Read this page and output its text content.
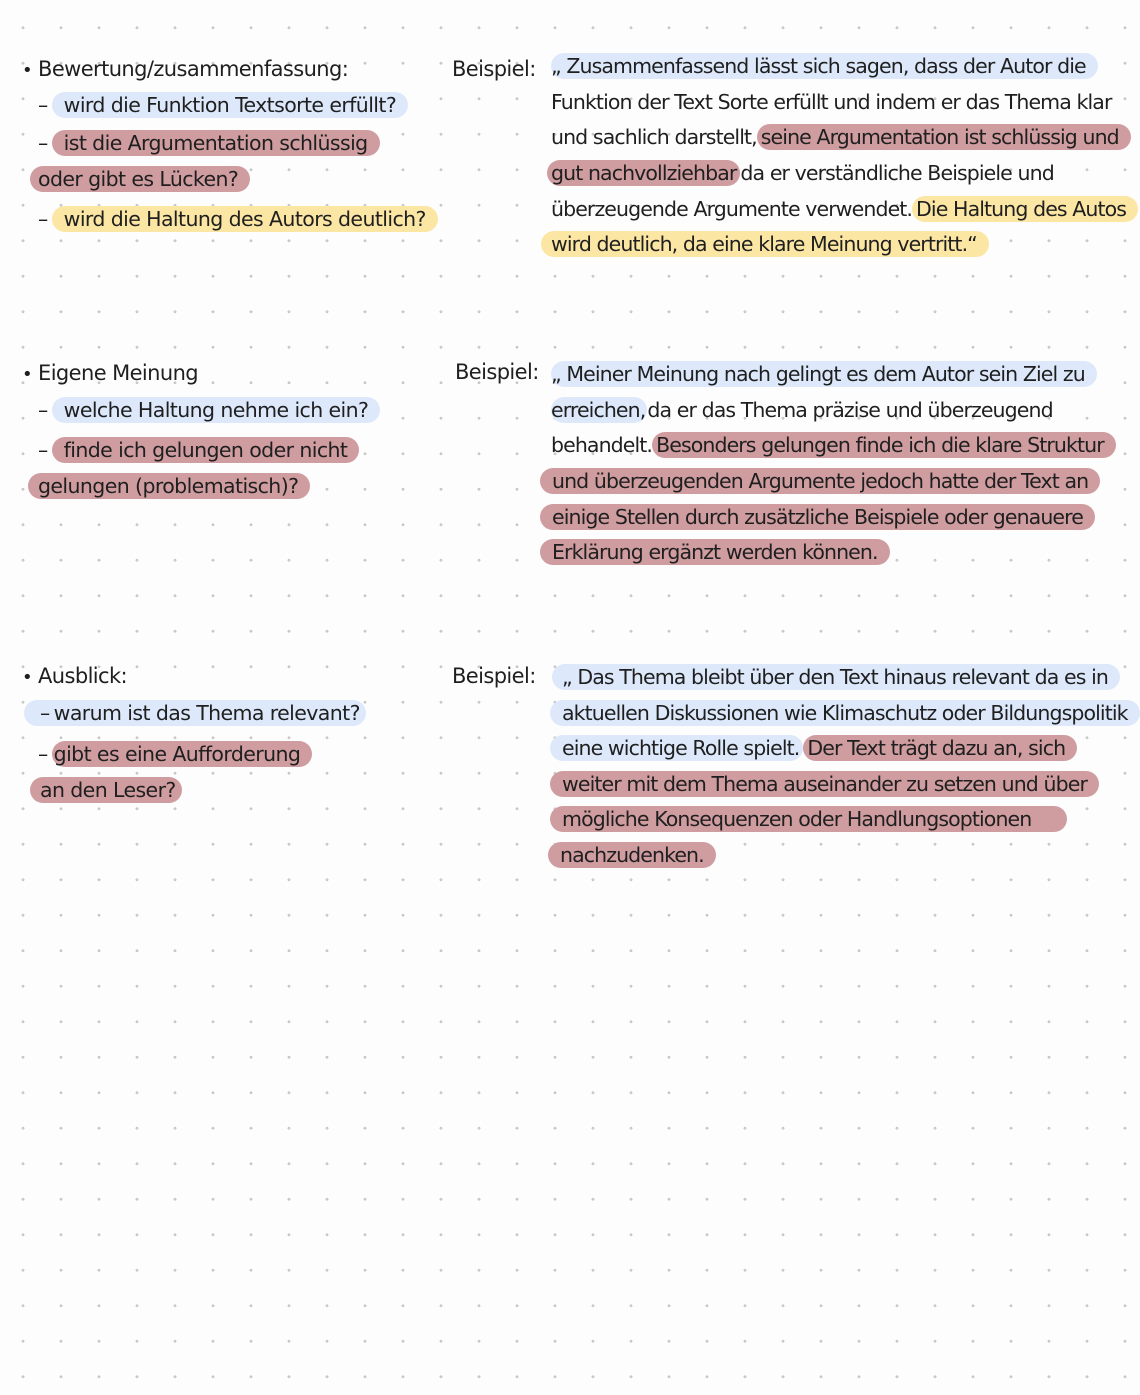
• Bewertung/zusammenfassung:
– wird die Funktion Textsorte erfüllt?
– ist die Argumentation schlüssig
oder gibt es Lücken?
– wird die Haltung des Autors deutlich?
Beispiel: „ Zusammenfassend lässt sich sagen, dass der Autor die
Funktion der Text Sorte erfüllt und indem er das Thema klar
und sachlich darstellt, seine Argumentation ist schlüssig und
gut nachvollziehbar da er verständliche Beispiele und
überzeugende Argumente verwendet. Die Haltung des Autos
wird deutlich, da eine klare Meinung vertritt.“
• Eigene Meinung
– welche Haltung nehme ich ein?
– finde ich gelungen oder nicht
gelungen (problematisch)?
Beispiel: „ Meiner Meinung nach gelingt es dem Autor sein Ziel zu
erreichen,da er das Thema präzise und überzeugend
behandelt. Besonders gelungen finde ich die klare Struktur
und überzeugenden Argumente jedoch hatte der Text an
einige Stellen durch zusätzliche Beispiele oder genauere
Erklärung ergänzt werden können.
• Ausblick:
– warum ist das Thema relevant?
– gibt es eine Aufforderung
an den Leser?
Beispiel:	„ Das Thema bleibt über den Text hinaus relevant da es in
aktuellen Diskussionen wie Klimaschutz oder Bildungspolitik
eine wichtige Rolle spielt. Der Text trägt dazu an, sich
weiter mit dem Thema auseinander zu setzen und über
mögliche Konsequenzen oder Handlungsoptionen
nachzudenken.
